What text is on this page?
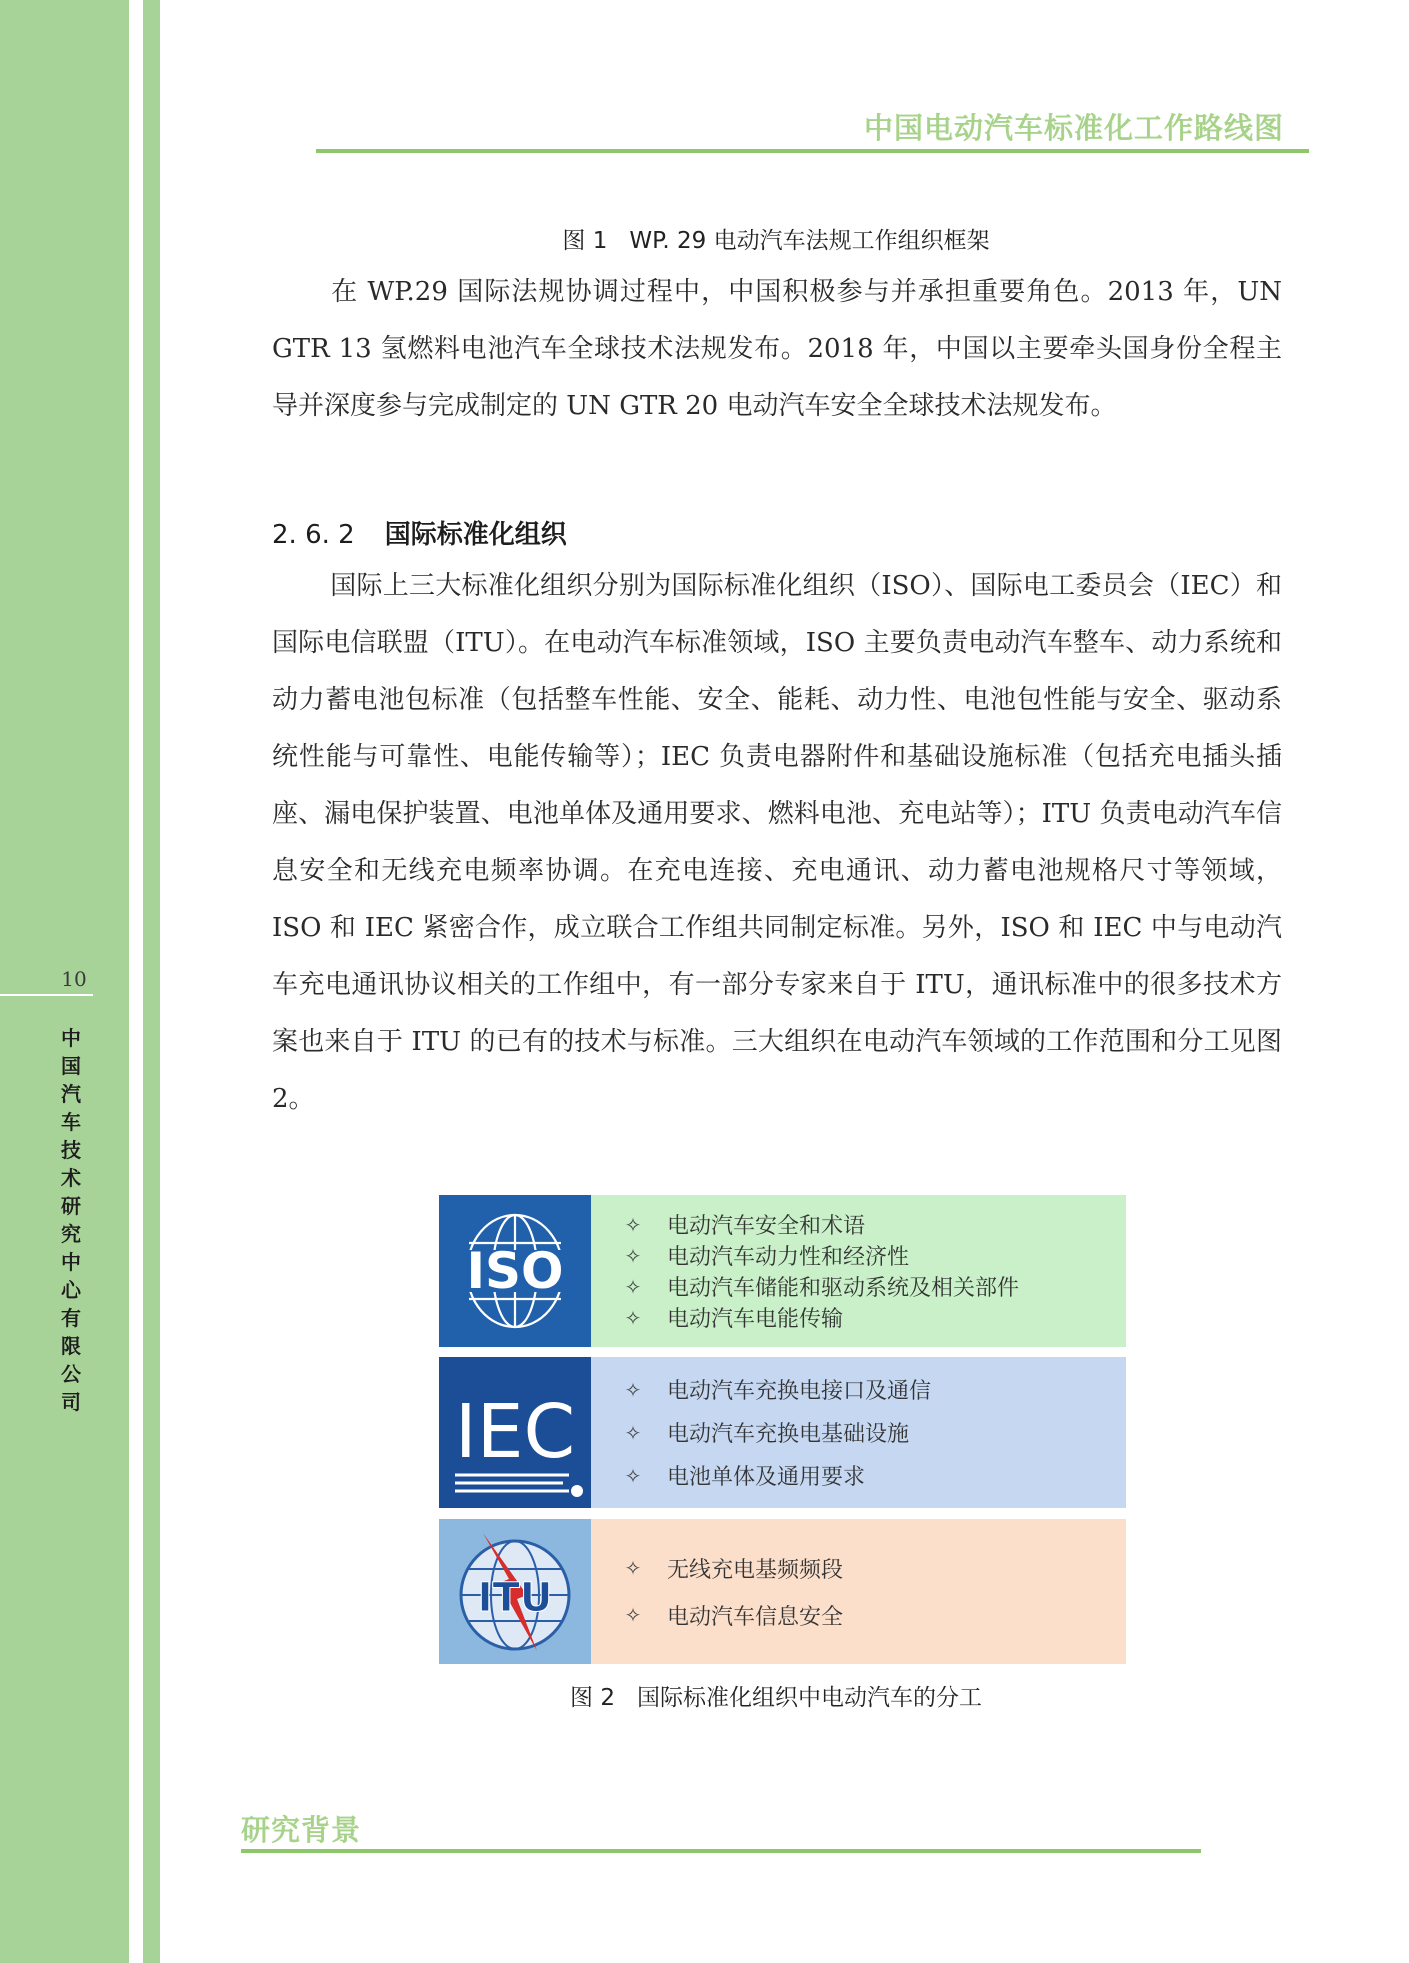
10
中国汽车技术研究中心有限公司
中国电动汽车标准化工作路线图
图 1 WP. 29 电动汽车法规工作组织框架

在 WP.29 国际法规协调过程中，中国积极参与并承担重要角色。2013 年，UN GTR 13 氢燃料电池汽车全球技术法规发布。2018 年，中国以主要牵头国身份全程主导并深度参与完成制定的 UN GTR 20 电动汽车安全全球技术法规发布。

2. 6. 2 国际标准化组织

国际上三大标准化组织分别为国际标准化组织（ISO）、国际电工委员会（IEC）和国际电信联盟（ITU）。在电动汽车标准领域，ISO 主要负责电动汽车整车、动力系统和动力蓄电池包标准（包括整车性能、安全、能耗、动力性、电池包性能与安全、驱动系统性能与可靠性、电能传输等）；IEC 负责电器附件和基础设施标准（包括充电插头插座、漏电保护装置、电池单体及通用要求、燃料电池、充电站等）；ITU 负责电动汽车信息安全和无线充电频率协调。在充电连接、充电通讯、动力蓄电池规格尺寸等领域，ISO 和 IEC 紧密合作，成立联合工作组共同制定标准。另外，ISO 和 IEC 中与电动汽车充电通讯协议相关的工作组中，有一部分专家来自于 ITU，通讯标准中的很多技术方案也来自于 ITU 的已有的技术与标准。三大组织在电动汽车领域的工作范围和分工见图 2。

ISO
✧	电动汽车安全和术语
✧	电动汽车动力性和经济性
✧	电动汽车储能和驱动系统及相关部件
✧	电动汽车电能传输
IEC	✧	电动汽车充换电接口及通信
✧	电动汽车充换电基础设施
✧	电池单体及通用要求
ITU
✧	无线充电基频频段
✧	电动汽车信息安全
图 2 国际标准化组织中电动汽车的分工
研究背景
